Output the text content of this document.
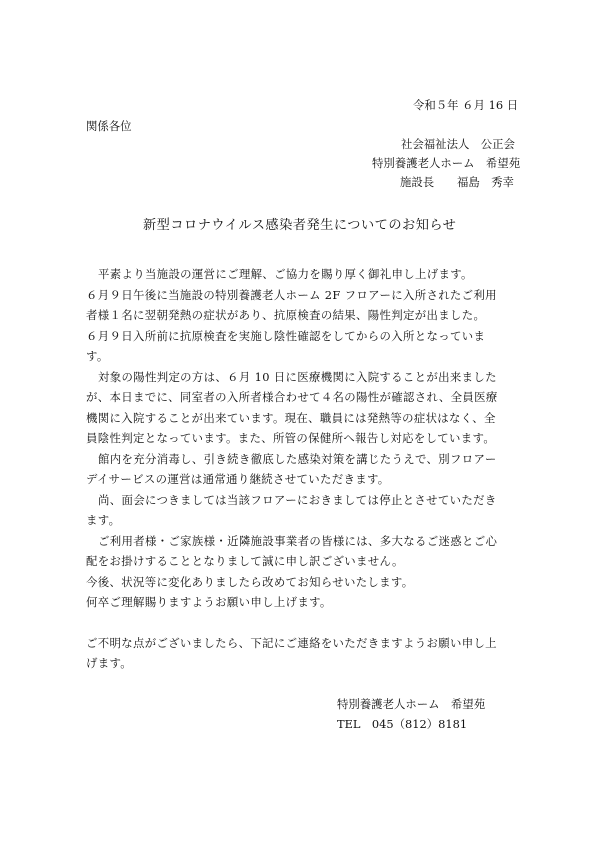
令和５年 ６月 16 日

関係各位

社会福祉法人　公正会

特別養護老人ホーム　希望苑

施設長　　福島　秀幸

新型コロナウイルス感染者発生についてのお知らせ

平素より当施設の運営にご理解、ご協力を賜り厚く御礼申し上げます。

６月９日午後に当施設の特別養護老人ホーム 2F フロアーに入所されたご利用

者様１名に翌朝発熱の症状があり、抗原検査の結果、陽性判定が出ました。

６月９日入所前に抗原検査を実施し陰性確認をしてからの入所となっていま

す。

対象の陽性判定の方は、６月 10 日に医療機関に入院することが出来ました

が、本日までに、同室者の入所者様合わせて４名の陽性が確認され、全員医療

機関に入院することが出来ています。現在、職員には発熱等の症状はなく、全

員陰性判定となっています。また、所管の保健所へ報告し対応をしています。

館内を充分消毒し、引き続き徹底した感染対策を講じたうえで、別フロアー

デイサービスの運営は通常通り継続させていただきます。

尚、面会につきましては当該フロアーにおきましては停止とさせていただき

ます。

ご利用者様・ご家族様・近隣施設事業者の皆様には、多大なるご迷惑とご心

配をお掛けすることとなりまして誠に申し訳ございません。

今後、状況等に変化ありましたら改めてお知らせいたします。

何卒ご理解賜りますようお願い申し上げます。

ご不明な点がございましたら、下記にご連絡をいただきますようお願い申し上

げます。

特別養護老人ホーム　希望苑

TEL　045（812）8181
